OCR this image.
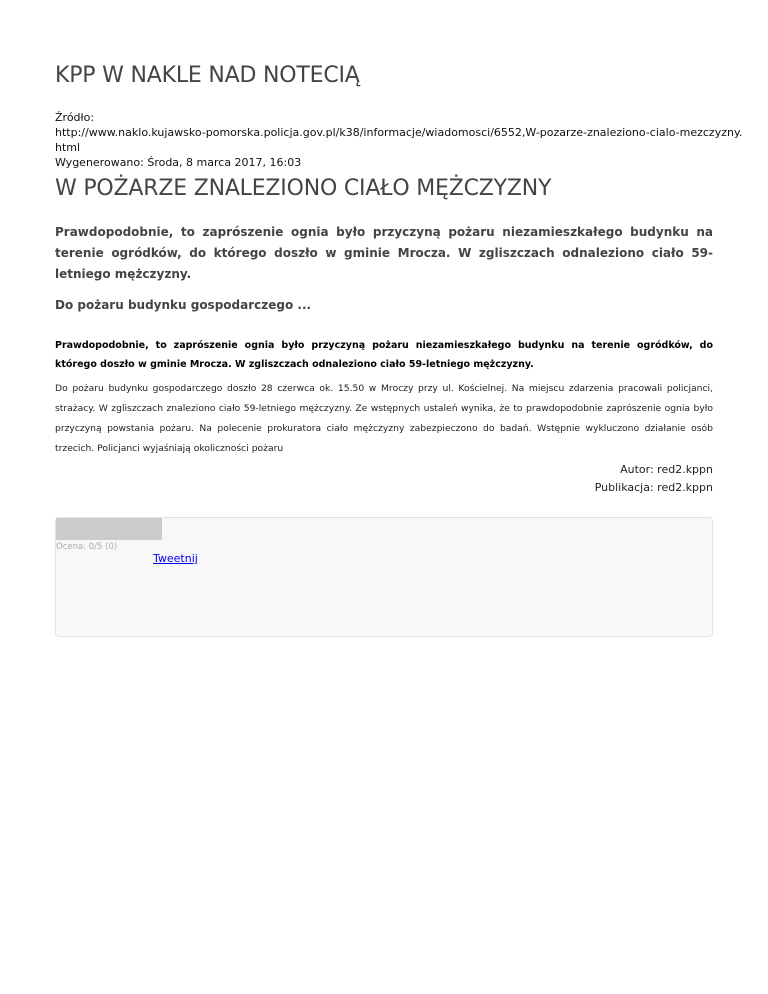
KPP W NAKLE NAD NOTECIĄ
Źródło:
http://www.naklo.kujawsko-pomorska.policja.gov.pl/k38/informacje/wiadomosci/6552,W-pozarze-znaleziono-cialo-mezczyzny.
html
Wygenerowano: Środa, 8 marca 2017, 16:03
W POŻARZE ZNALEZIONO CIAŁO MĘŻCZYZNY

Prawdopodobnie, to zaprószenie ognia było przyczyną pożaru niezamieszkałego budynku na terenie ogródków, do którego doszło w gminie Mrocza. W zgliszczach odnaleziono ciało 59-letniego mężczyzny.

Do pożaru budynku gospodarczego ...

Prawdopodobnie, to zaprószenie ognia było przyczyną pożaru niezamieszkałego budynku na terenie ogródków, do którego doszło w gminie Mrocza. W zgliszczach odnaleziono ciało 59-letniego mężczyzny.

Do pożaru budynku gospodarczego doszło 28 czerwca ok. 15.50 w Mroczy przy ul. Kościelnej. Na miejscu zdarzenia pracowali policjanci, strażacy. W zgliszczach znaleziono ciało 59-letniego mężczyzny. Ze wstępnych ustaleń wynika, że to prawdopodobnie zaprószenie ognia było przyczyną powstania pożaru. Na polecenie prokuratora ciało mężczyzny zabezpieczono do badań. Wstępnie wykluczono działanie osób trzecich. Policjanci wyjaśniają okoliczności pożaru

Autor: red2.kppn
Publikacja: red2.kppn
Ocena: 0/5 (0)
Tweetnij
